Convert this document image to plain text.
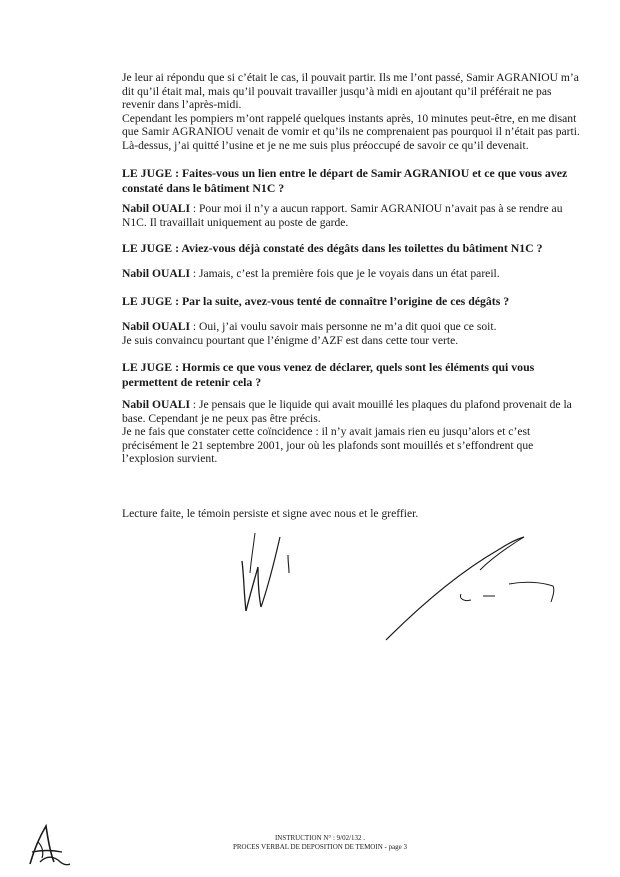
Je leur ai répondu que si c’était le cas, il pouvait partir. Ils me l’ont passé, Samir AGRANIOU m’a

dit qu’il était mal, mais qu’il pouvait travailler jusqu’à midi en ajoutant qu’il préférait ne pas

revenir dans l’après-midi.

Cependant les pompiers m’ont rappelé quelques instants après, 10 minutes peut-être, en me disant

que Samir AGRANIOU venait de vomir et qu’ils ne comprenaient pas pourquoi il n’était pas parti.

Là-dessus, j’ai quitté l’usine et je ne me suis plus préoccupé de savoir ce qu’il devenait.

LE JUGE : Faites-vous un lien entre le départ de Samir AGRANIOU et ce que vous avez

constaté dans le bâtiment N1C ?

Nabil OUALI : Pour moi il n’y a aucun rapport. Samir AGRANIOU n’avait pas à se rendre au

N1C. Il travaillait uniquement au poste de garde.

LE JUGE : Aviez-vous déjà constaté des dégâts dans les toilettes du bâtiment N1C ?

Nabil OUALI : Jamais, c’est la première fois que je le voyais dans un état pareil.

LE JUGE : Par la suite, avez-vous tenté de connaître l’origine de ces dégâts ?

Nabil OUALI : Oui, j’ai voulu savoir mais personne ne m’a dit quoi que ce soit.

Je suis convaincu pourtant que l’énigme d’AZF est dans cette tour verte.

LE JUGE : Hormis ce que vous venez de déclarer, quels sont les éléments qui vous

permettent de retenir cela ?

Nabil OUALI : Je pensais que le liquide qui avait mouillé les plaques du plafond provenait de la

base. Cependant je ne peux pas être précis.

Je ne fais que constater cette coïncidence : il n’y avait jamais rien eu jusqu’alors et c’est

précisément le 21 septembre 2001, jour où les plafonds sont mouillés et s’effondrent que

l’explosion survient.

Lecture faite, le témoin persiste et signe avec nous et le greffier.

INSTRUCTION N° : 9/02/132 .
PROCES VERBAL DE DEPOSITION DE TEMOIN - page 3
